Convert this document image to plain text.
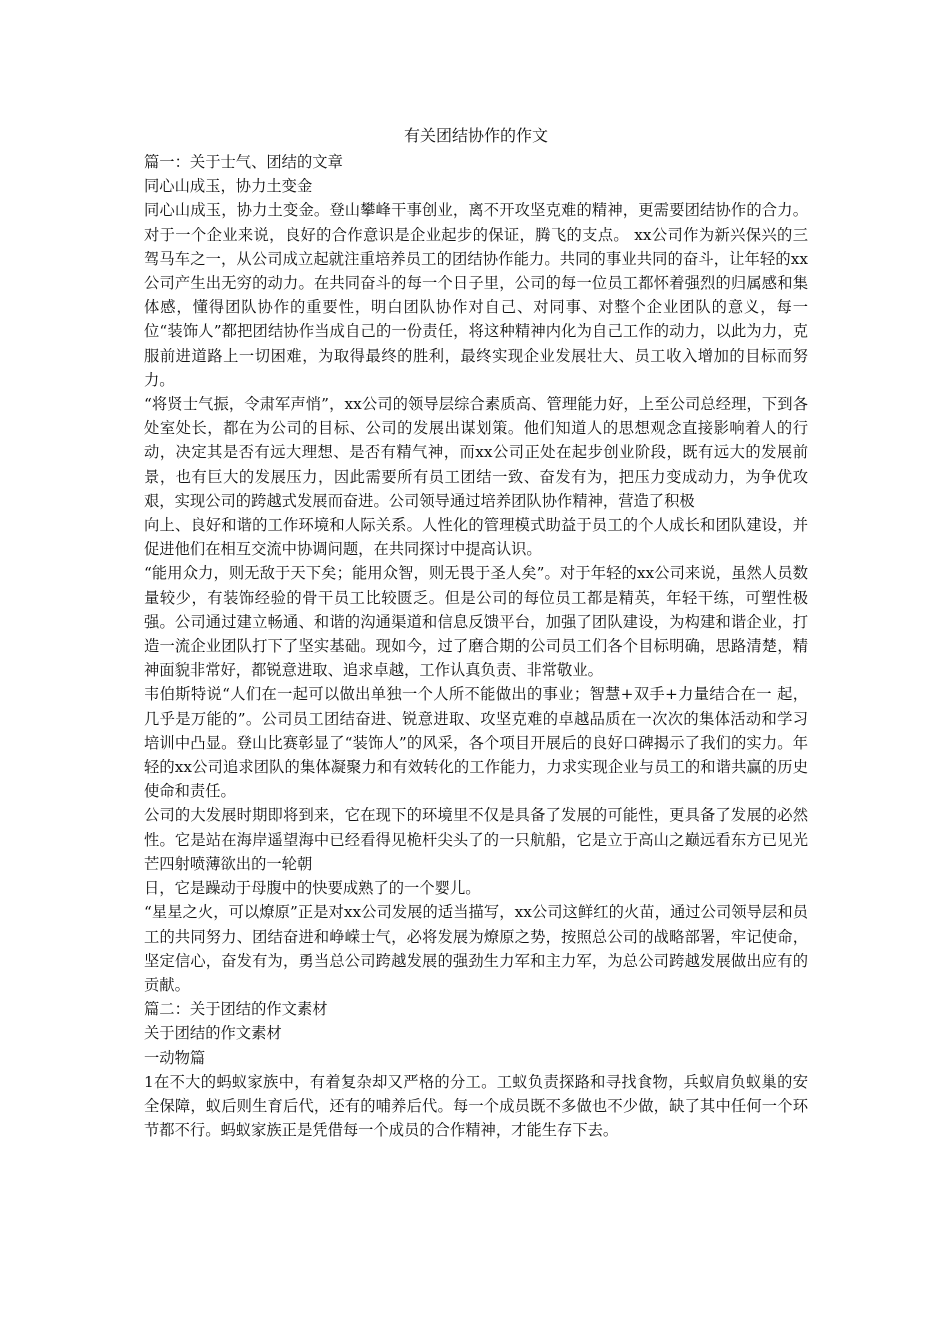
有关团结协作的作文

篇一：关于士气、团结的文章

同心山成玉，协力土变金

同心山成玉，协力土变金。登山攀峰干事创业，离不开攻坚克难的精神，更需要团结协作的合力。对于一个企业来说，良好的合作意识是企业起步的保证，腾飞的支点。 xx公司作为新兴保兴的三驾马车之一，从公司成立起就注重培养员工的团结协作能力。共同的事业共同的奋斗，让年轻的xx公司产生出无穷的动力。在共同奋斗的每一个日子里，公司的每一位员工都怀着强烈的归属感和集体感，懂得团队协作的重要性，明白团队协作对自己、对同事、对整个企业团队的意义，每一位“装饰人”都把团结协作当成自己的一份责任，将这种精神内化为自己工作的动力，以此为力，克服前进道路上一切困难，为取得最终的胜利，最终实现企业发展壮大、员工收入增加的目标而努力。

“将贤士气振，令肃军声悄”，xx公司的领导层综合素质高、管理能力好，上至公司总经理，下到各处室处长，都在为公司的目标、公司的发展出谋划策。他们知道人的思想观念直接影响着人的行动，决定其是否有远大理想、是否有精气神，而xx公司正处在起步创业阶段，既有远大的发展前景，也有巨大的发展压力，因此需要所有员工团结一致、奋发有为，把压力变成动力，为争优攻艰，实现公司的跨越式发展而奋进。公司领导通过培养团队协作精神，营造了积极

向上、良好和谐的工作环境和人际关系。人性化的管理模式助益于员工的个人成长和团队建设，并促进他们在相互交流中协调问题，在共同探讨中提高认识。

“能用众力，则无敌于天下矣；能用众智，则无畏于圣人矣”。对于年轻的xx公司来说，虽然人员数量较少，有装饰经验的骨干员工比较匮乏。但是公司的每位员工都是精英，年轻干练，可塑性极强。公司通过建立畅通、和谐的沟通渠道和信息反馈平台，加强了团队建设，为构建和谐企业，打造一流企业团队打下了坚实基础。现如今，过了磨合期的公司员工们各个目标明确，思路清楚，精神面貌非常好，都锐意进取、追求卓越，工作认真负责、非常敬业。

韦伯斯特说“人们在一起可以做出单独一个人所不能做出的事业；智慧+双手+力量结合在一 起，几乎是万能的”。公司员工团结奋进、锐意进取、攻坚克难的卓越品质在一次次的集体活动和学习培训中凸显。登山比赛彰显了“装饰人”的风采，各个项目开展后的良好口碑揭示了我们的实力。年轻的xx公司追求团队的集体凝聚力和有效转化的工作能力，力求实现企业与员工的和谐共赢的历史使命和责任。

公司的大发展时期即将到来，它在现下的环境里不仅是具备了发展的可能性，更具备了发展的必然性。它是站在海岸遥望海中已经看得见桅杆尖头了的一只航船，它是立于高山之巅远看东方已见光芒四射喷薄欲出的一轮朝

日，它是躁动于母腹中的快要成熟了的一个婴儿。

“星星之火，可以燎原”正是对xx公司发展的适当描写，xx公司这鲜红的火苗，通过公司领导层和员工的共同努力、团结奋进和峥嵘士气，必将发展为燎原之势，按照总公司的战略部署，牢记使命，坚定信心，奋发有为，勇当总公司跨越发展的强劲生力军和主力军，为总公司跨越发展做出应有的贡献。

篇二：关于团结的作文素材

关于团结的作文素材

一动物篇

1在不大的蚂蚁家族中，有着复杂却又严格的分工。工蚁负责探路和寻找食物，兵蚁肩负蚁巢的安全保障，蚁后则生育后代，还有的哺养后代。每一个成员既不多做也不少做，缺了其中任何一个环节都不行。蚂蚁家族正是凭借每一个成员的合作精神，才能生存下去。
